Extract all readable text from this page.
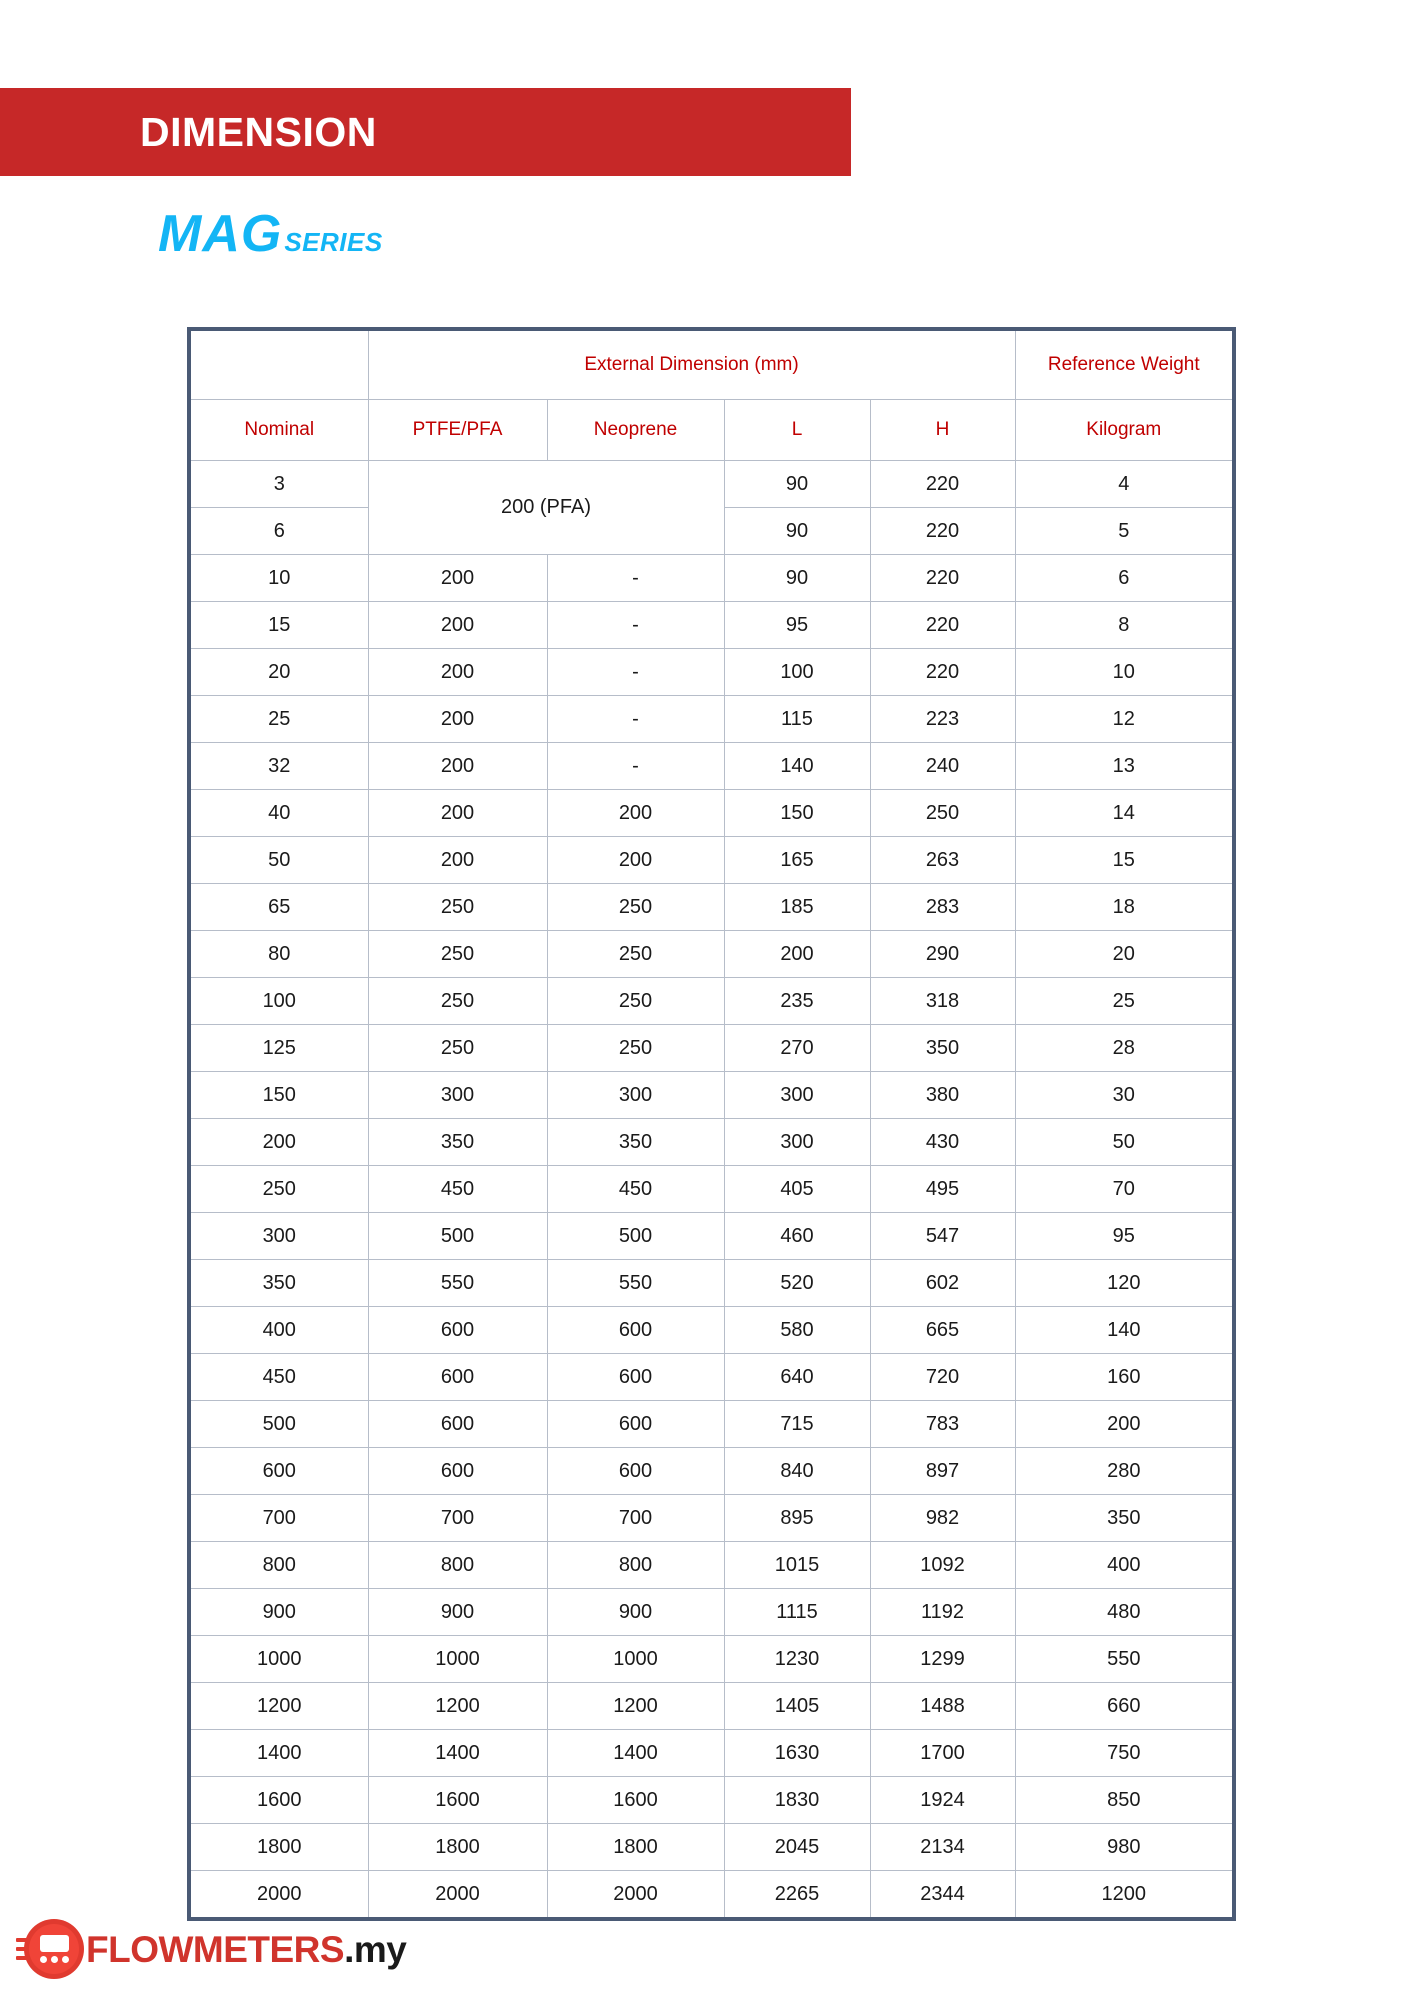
DIMENSION
MAG SERIES
	External Dimension (mm)				Reference Weight
Nominal	PTFE/PFA	Neoprene	L	H	Kilogram
3	200 (PFA)		90	220	4
6			90	220	5
10	200	-	90	220	6
15	200	-	95	220	8
20	200	-	100	220	10
25	200	-	115	223	12
32	200	-	140	240	13
40	200	200	150	250	14
50	200	200	165	263	15
65	250	250	185	283	18
80	250	250	200	290	20
100	250	250	235	318	25
125	250	250	270	350	28
150	300	300	300	380	30
200	350	350	300	430	50
250	450	450	405	495	70
300	500	500	460	547	95
350	550	550	520	602	120
400	600	600	580	665	140
450	600	600	640	720	160
500	600	600	715	783	200
600	600	600	840	897	280
700	700	700	895	982	350
800	800	800	1015	1092	400
900	900	900	1115	1192	480
1000	1000	1000	1230	1299	550
1200	1200	1200	1405	1488	660
1400	1400	1400	1630	1700	750
1600	1600	1600	1830	1924	850
1800	1800	1800	2045	2134	980
2000	2000	2000	2265	2344	1200
FLOWMETERS.my
